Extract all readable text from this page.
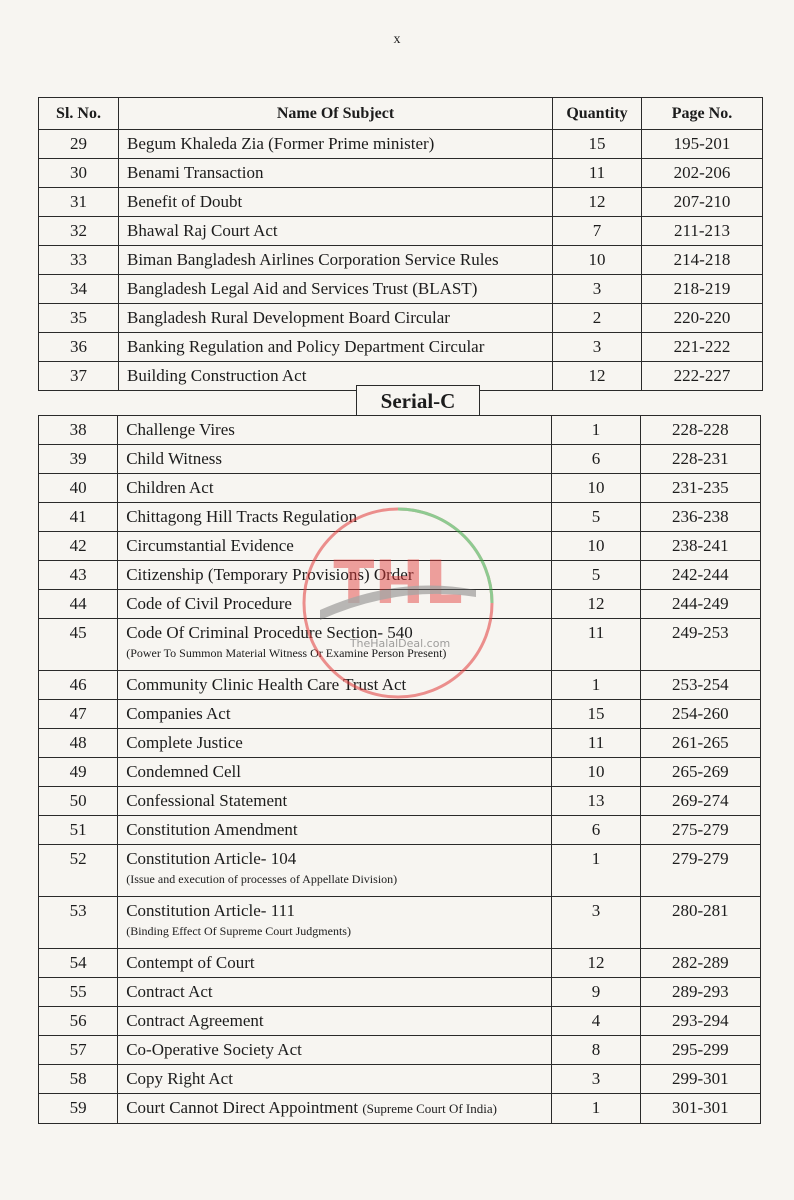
x
Sl. No.	Name Of Subject	Quantity	Page No.
29	Begum Khaleda Zia (Former Prime minister)	15	195-201
30	Benami Transaction	11	202-206
31	Benefit of Doubt	12	207-210
32	Bhawal Raj Court Act	7	211-213
33	Biman Bangladesh Airlines Corporation Service Rules	10	214-218
34	Bangladesh Legal Aid and Services Trust (BLAST)	3	218-219
35	Bangladesh Rural Development Board Circular	2	220-220
36	Banking Regulation and Policy Department Circular	3	221-222
37	Building Construction Act	12	222-227
Serial-C
38	Challenge Vires	1	228-228
39	Child Witness	6	228-231
40	Children Act	10	231-235
41	Chittagong Hill Tracts Regulation	5	236-238
42	Circumstantial Evidence	10	238-241
43	Citizenship (Temporary Provisions) Order	5	242-244
44	Code of Civil Procedure	12	244-249
45	Code Of Criminal Procedure Section- 540
(Power To Summon Material Witness Or Examine Person Present)	11	249-253
46	Community Clinic Health Care Trust Act	1	253-254
47	Companies Act	15	254-260
48	Complete Justice	11	261-265
49	Condemned Cell	10	265-269
50	Confessional Statement	13	269-274
51	Constitution Amendment	6	275-279
52	Constitution Article- 104
(Issue and execution of processes of Appellate Division)	1	279-279
53	Constitution Article- 111
(Binding Effect Of Supreme Court Judgments)	3	280-281
54	Contempt of Court	12	282-289
55	Contract Act	9	289-293
56	Contract Agreement	4	293-294
57	Co-Operative Society Act	8	295-299
58	Copy Right Act	3	299-301
59	Court Cannot Direct Appointment (Supreme Court Of India)	1	301-301
THL
TheHalalDeal.com
